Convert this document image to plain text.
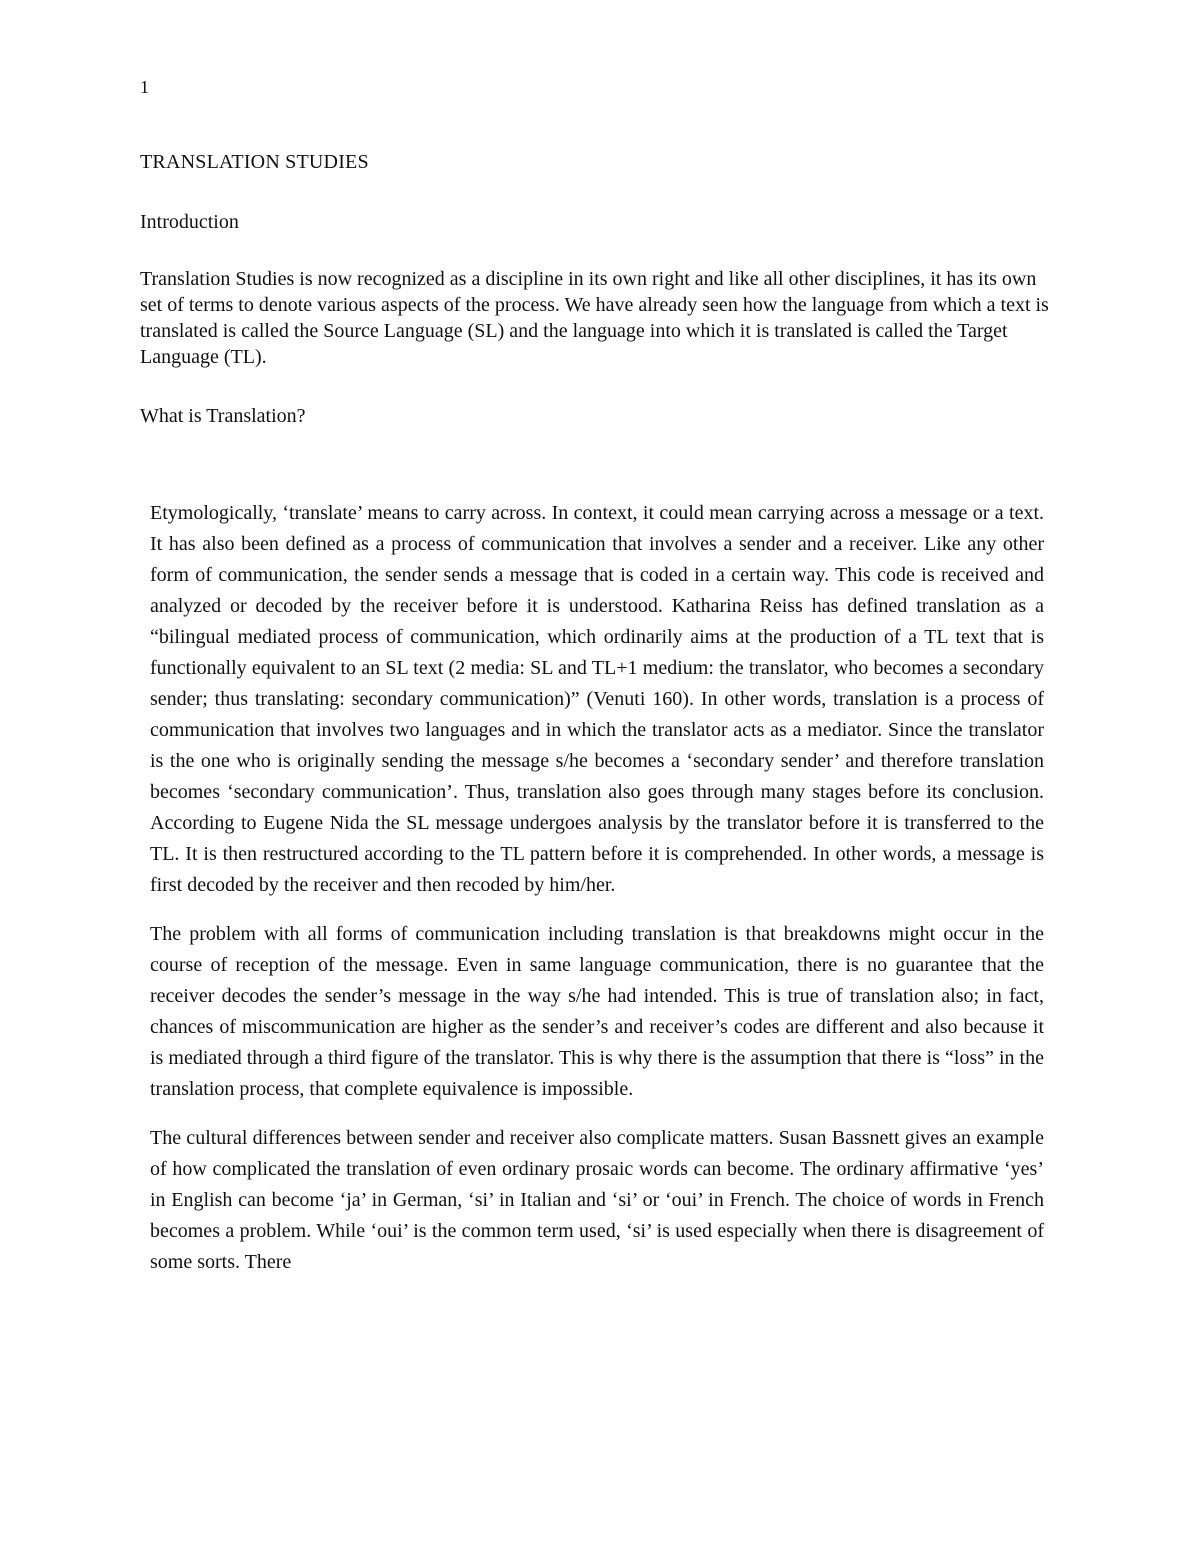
1
TRANSLATION STUDIES
Introduction

Translation Studies is now recognized as a discipline in its own right and like all other disciplines, it has its own set of terms to denote various aspects of the process. We have already seen how the language from which a text is translated is called the Source Language (SL) and the language into which it is translated is called the Target Language (TL).

What is Translation?

Etymologically, ‘translate’ means to carry across. In context, it could mean carrying across a message or a text. It has also been defined as a process of communication that involves a sender and a receiver. Like any other form of communication, the sender sends a message that is coded in a certain way. This code is received and analyzed or decoded by the receiver before it is understood. Katharina Reiss has defined translation as a “bilingual mediated process of communication, which ordinarily aims at the production of a TL text that is functionally equivalent to an SL text (2 media: SL and TL+1 medium: the translator, who becomes a secondary sender; thus translating: secondary communication)” (Venuti 160). In other words, translation is a process of communication that involves two languages and in which the translator acts as a mediator. Since the translator is the one who is originally sending the message s/he becomes a ‘secondary sender’ and therefore translation becomes ‘secondary communication’. Thus, translation also goes through many stages before its conclusion. According to Eugene Nida the SL message undergoes analysis by the translator before it is transferred to the TL. It is then restructured according to the TL pattern before it is comprehended. In other words, a message is first decoded by the receiver and then recoded by him/her.

The problem with all forms of communication including translation is that breakdowns might occur in the course of reception of the message. Even in same language communication, there is no guarantee that the receiver decodes the sender’s message in the way s/he had intended. This is true of translation also; in fact, chances of miscommunication are higher as the sender’s and receiver’s codes are different and also because it is mediated through a third figure of the translator. This is why there is the assumption that there is “loss” in the translation process, that complete equivalence is impossible.

The cultural differences between sender and receiver also complicate matters. Susan Bassnett gives an example of how complicated the translation of even ordinary prosaic words can become. The ordinary affirmative ‘yes’ in English can become ‘ja’ in German, ‘si’ in Italian and ‘si’ or ‘oui’ in French. The choice of words in French becomes a problem. While ‘oui’ is the common term used, ‘si’ is used especially when there is disagreement of some sorts. There
